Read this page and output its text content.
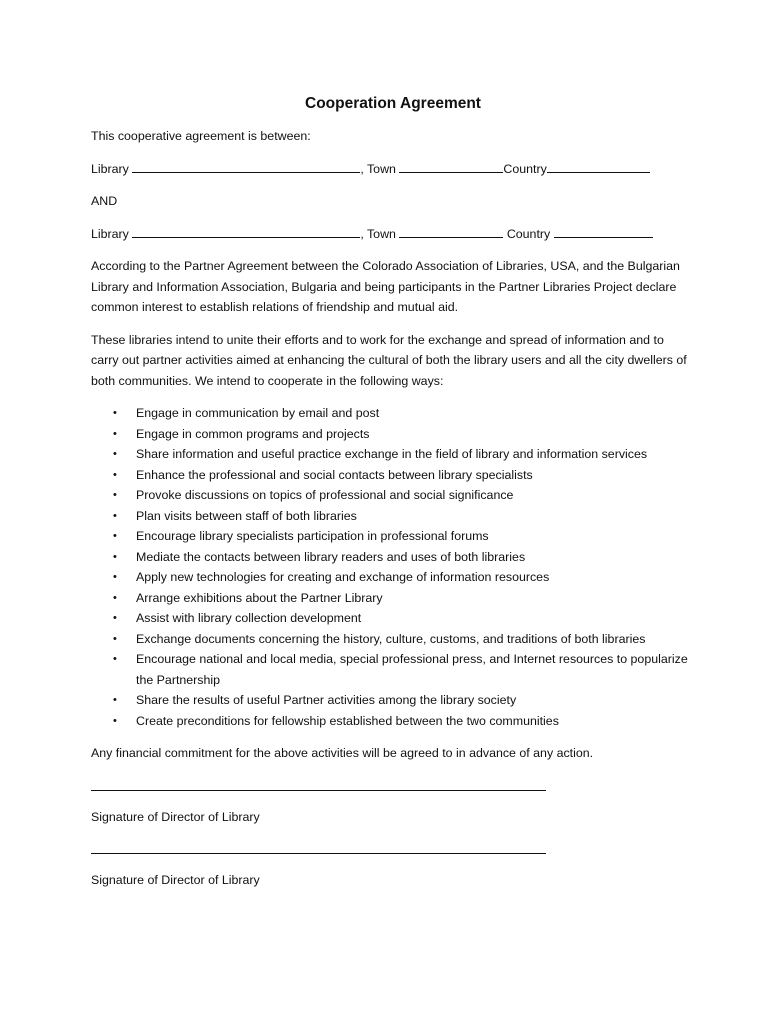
Cooperation Agreement

This cooperative agreement is between:

Library	, Town	Country

AND

Library	, Town	Country

According to the Partner Agreement between the Colorado Association of Libraries, USA, and the Bulgarian Library and Information Association, Bulgaria and being participants in the Partner Libraries Project declare common interest to establish relations of friendship and mutual aid.

These libraries intend to unite their efforts and to work for the exchange and spread of information and to carry out partner activities aimed at enhancing the cultural of both the library users and all the city dwellers of both communities. We intend to cooperate in the following ways:

• Engage in communication by email and post
• Engage in common programs and projects
• Share information and useful practice exchange in the field of library and information services
• Enhance the professional and social contacts between library specialists
• Provoke discussions on topics of professional and social significance
• Plan visits between staff of both libraries
• Encourage library specialists participation in professional forums
• Mediate the contacts between library readers and uses of both libraries
• Apply new technologies for creating and exchange of information resources
• Arrange exhibitions about the Partner Library
• Assist with library collection development
• Exchange documents concerning the history, culture, customs, and traditions of both libraries
• Encourage national and local media, special professional press, and Internet resources to popularize the Partnership
• Share the results of useful Partner activities among the library society
• Create preconditions for fellowship established between the two communities

Any financial commitment for the above activities will be agreed to in advance of any action.

Signature of Director of Library
Signature of Director of Library
